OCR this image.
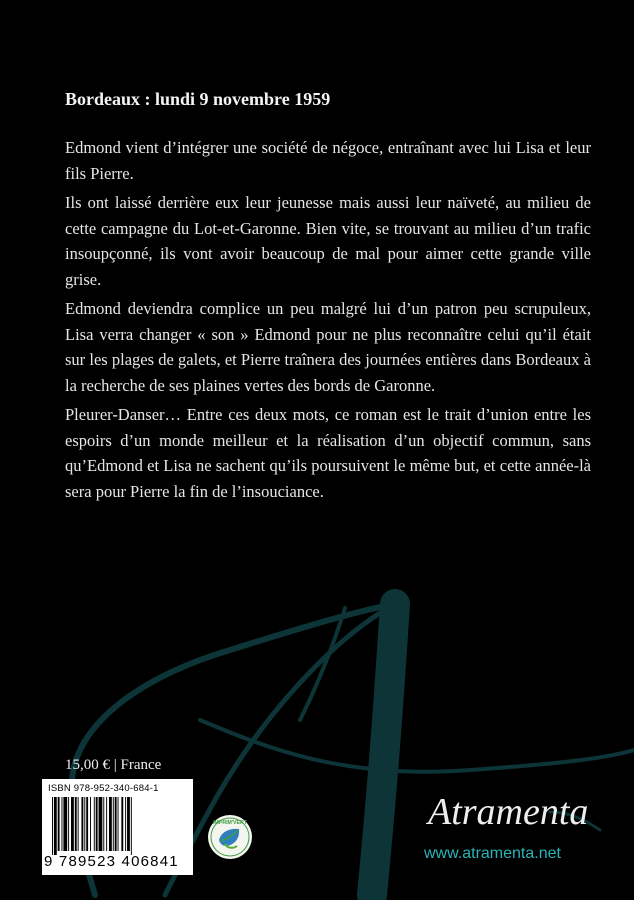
Bordeaux : lundi 9 novembre 1959

Edmond vient d’intégrer une société de négoce, entraînant avec lui Lisa et leur fils Pierre.

Ils ont laissé derrière eux leur jeunesse mais aussi leur naïveté, au milieu de cette campagne du Lot-et-Garonne. Bien vite, se trouvant au milieu d’un trafic insoupçonné, ils vont avoir beaucoup de mal pour aimer cette grande ville grise.

Edmond deviendra complice un peu malgré lui d’un patron peu scrupuleux, Lisa verra changer « son » Edmond pour ne plus reconnaître celui qu’il était sur les plages de galets, et Pierre traînera des journées entières dans Bordeaux à la recherche de ses plaines vertes des bords de Garonne.

Pleurer-Danser… Entre ces deux mots, ce roman est le trait d’union entre les espoirs d’un monde meilleur et la réalisation d’un objectif commun, sans qu’Edmond et Lisa ne sachent qu’ils poursuivent le même but, et cette année-là sera pour Pierre la fin de l’insouciance.

15,00 € | France
ISBN 978-952-340-684-1
9 789523 406841
IMPRIM'VERT	Atramenta
www.atramenta.net
